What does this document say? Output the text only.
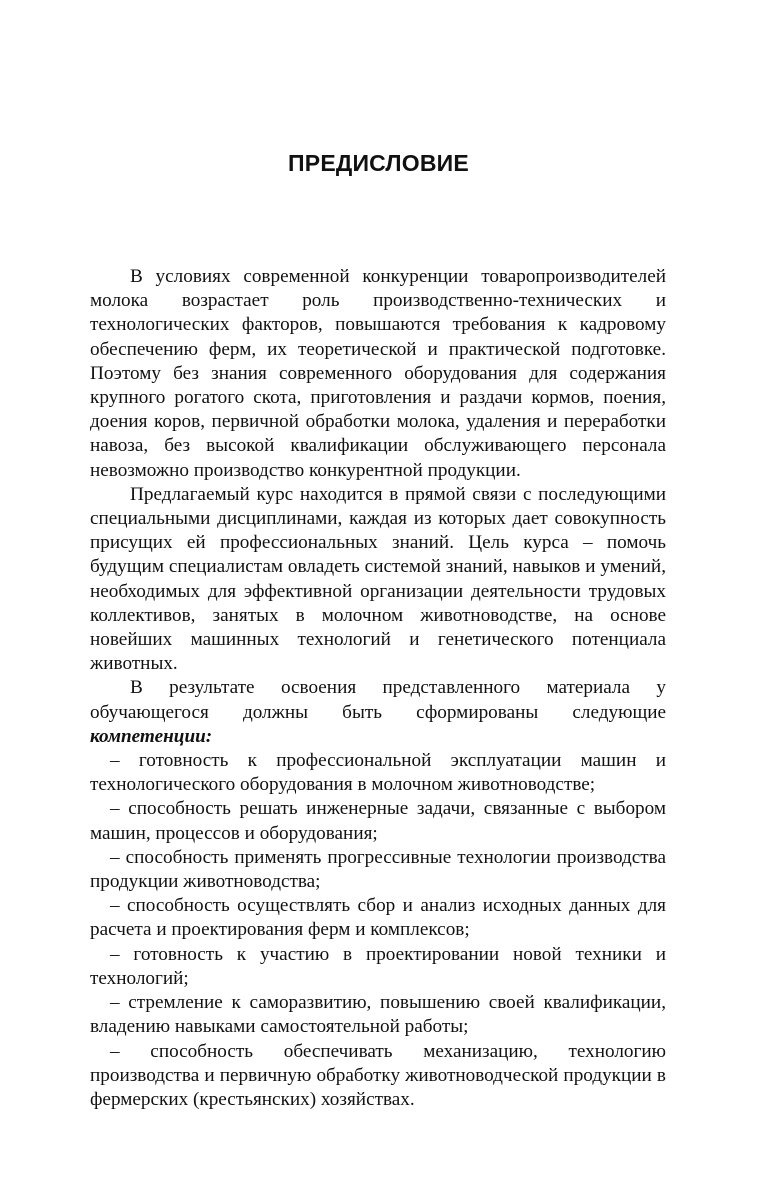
ПРЕДИСЛОВИЕ

В условиях современной конкуренции товаропроизводителей молока возрастает роль производственно-технических и технологических факторов, повышаются требования к кадровому обеспечению ферм, их теоретической и практической подготовке. Поэтому без знания современного оборудования для содержания крупного рогатого скота, приготовления и раздачи кормов, поения, доения коров, первичной обработки молока, удаления и переработки навоза, без высокой квалификации обслуживающего персонала невозможно производство конкурентной продукции.

Предлагаемый курс находится в прямой связи с последующими специальными дисциплинами, каждая из которых дает совокупность присущих ей профессиональных знаний. Цель курса – помочь будущим специалистам овладеть системой знаний, навыков и умений, необходимых для эффективной организации деятельности трудовых коллективов, занятых в молочном животноводстве, на основе новейших машинных технологий и генетического потенциала животных.

В результате освоения представленного материала у обучающегося должны быть сформированы следующие компетенции:

– готовность к профессиональной эксплуатации машин и технологического оборудования в молочном животноводстве;

– способность решать инженерные задачи, связанные с выбором машин, процессов и оборудования;

– способность применять прогрессивные технологии производства продукции животноводства;

– способность осуществлять сбор и анализ исходных данных для расчета и проектирования ферм и комплексов;

– готовность к участию в проектировании новой техники и технологий;

– стремление к саморазвитию, повышению своей квалификации, владению навыками самостоятельной работы;

– способность обеспечивать механизацию, технологию производства и первичную обработку животноводческой продукции в фермерских (крестьянских) хозяйствах.
